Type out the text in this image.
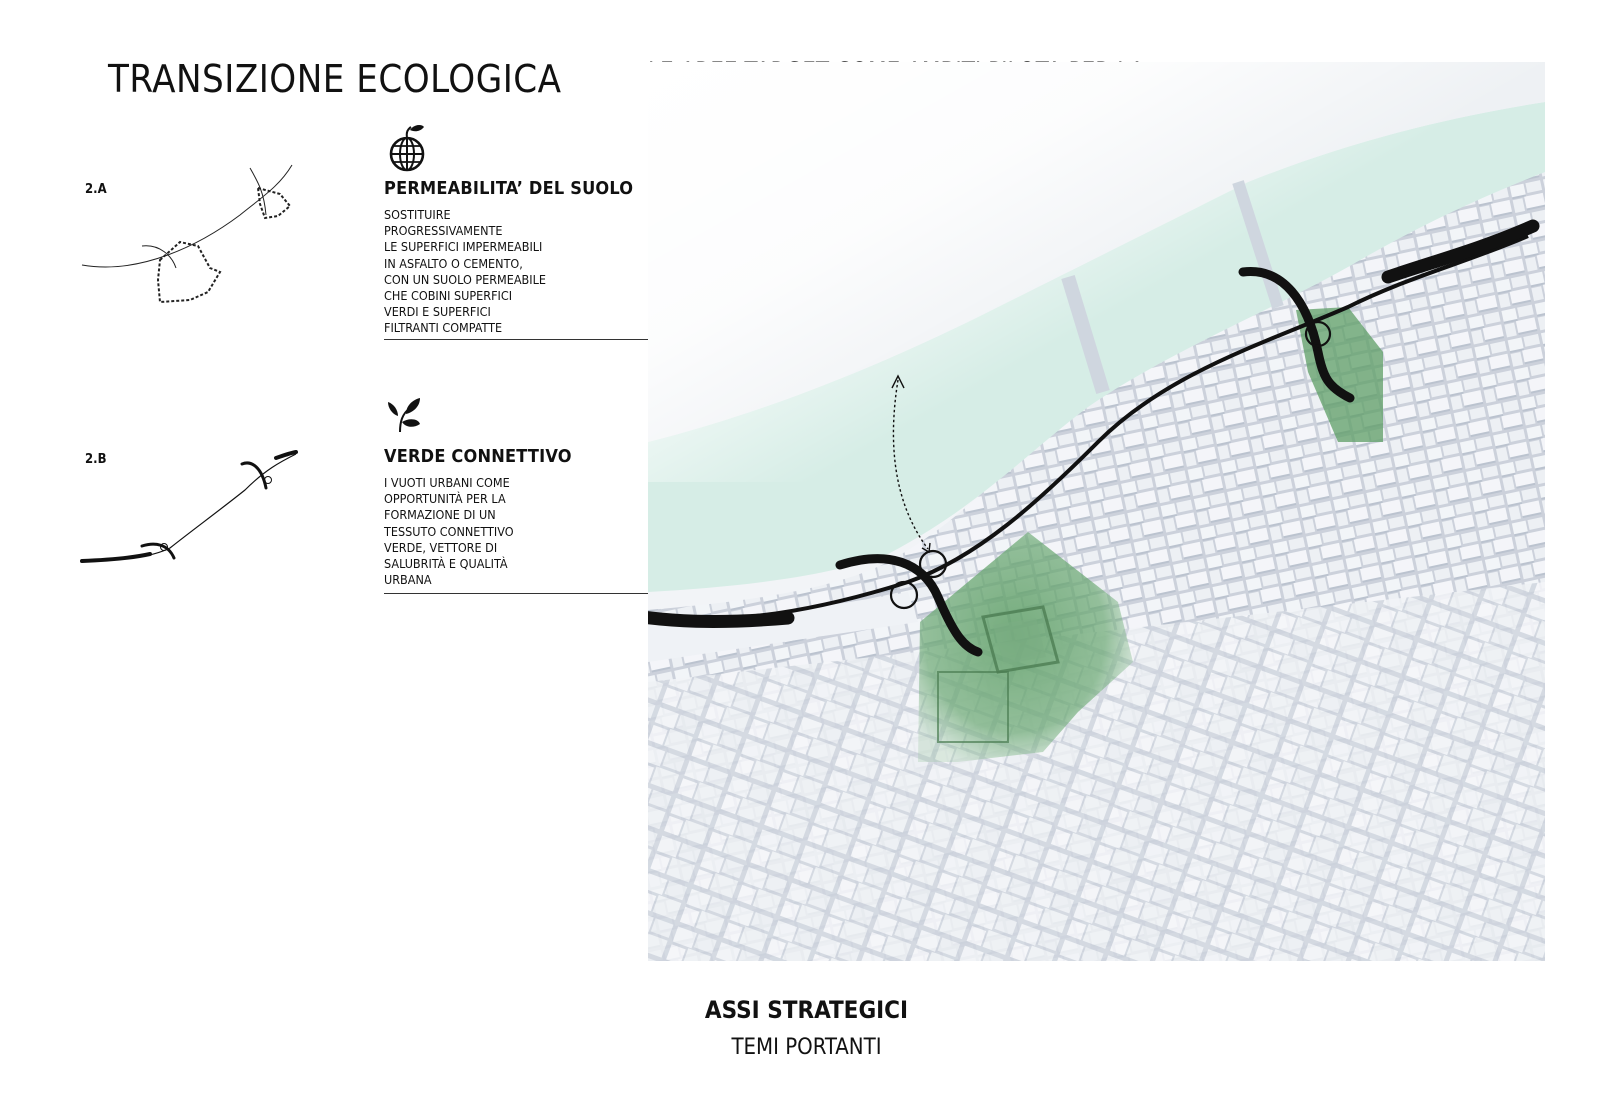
TRANSIZIONE ECOLOGICA
2.A	PERMEABILITA’ DEL SUOLO
SOSTITUIRE
PROGRESSIVAMENTE
LE SUPERFICI IMPERMEABILI
IN ASFALTO O CEMENTO,
CON UN SUOLO PERMEABILE
CHE COBINI SUPERFICI
VERDI E SUPERFICI
FILTRANTI COMPATTE
2.B	VERDE CONNETTIVO
I VUOTI URBANI COME
OPPORTUNITÀ PER LA
FORMAZIONE DI UN
TESSUTO CONNETTIVO
VERDE, VETTORE DI
SALUBRITÀ E QUALITÀ
URBANA
ASSI STRATEGICI
TEMI PORTANTI
